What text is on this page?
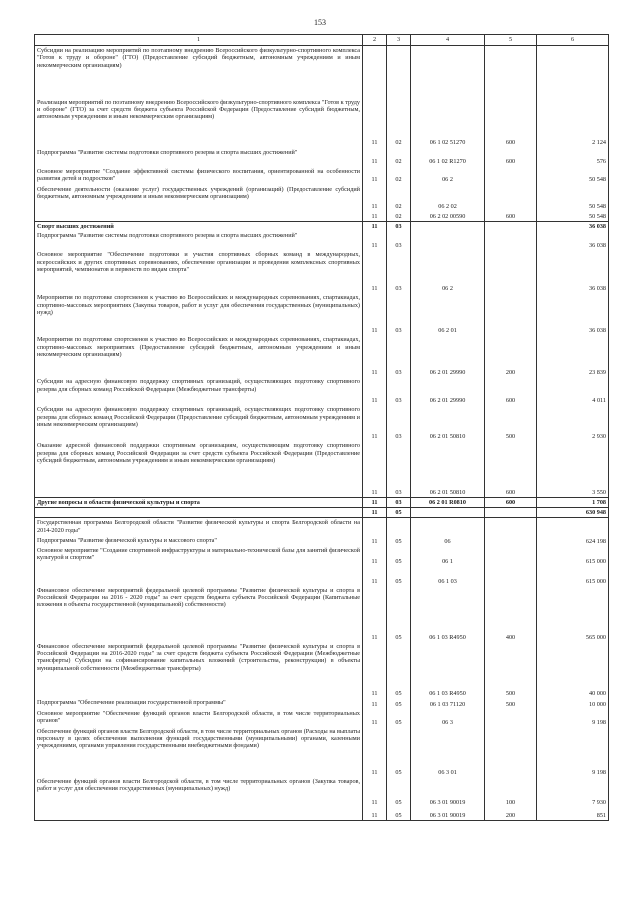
153
1	2	3	4	5	6
Субсидии на реализацию мероприятий по поэтапному внедрению Всероссийского физкультурно-спортивного комплекса "Готов к труду и обороне" (ГТО) (Предоставление субсидий бюджетным, автономным учреждениям и иным некоммерческим организациям)					
Реализация мероприятий по поэтапному внедрению Всероссийского физкультурно-спортивного комплекса "Готов к труду и обороне" (ГТО) за счет средств бюджета субъекта Российской Федерации (Предоставление субсидий бюджетным, автономным учреждениям и иным некоммерческим организациям)	11	02	06 1 02 51270	600	2 124
Подпрограмма "Развитие системы подготовки спортивного резерва и спорта высших достижений"	11	02	06 1 02 R1270	600	576
Основное мероприятие "Создание эффективной системы физического воспитания, ориентированной на особенности развития детей и подростков"	11	02	06 2		50 548
Обеспечение деятельности (оказание услуг) государственных учреждений (организаций) (Предоставление субсидий бюджетным, автономным учреждениям и иным некоммерческим организациям)	11	02	06 2 02		50 548
	11	02	06 2 02 00590	600	50 548
Спорт высших достижений	11	03			36 038
Подпрограмма "Развитие системы подготовки спортивного резерва и спорта высших достижений"	11	03			36 038
Основное мероприятие "Обеспечение подготовки и участия спортивных сборных команд в международных, всероссийских и других спортивных соревнованиях, обеспечение организации и проведения комплексных спортивных мероприятий, чемпионатов и первенств по видам спорта"	11	03	06 2		36 038
Мероприятия по подготовке спортсменов к участию во Всероссийских и международных соревнованиях, спартакиадах, спортивно-массовых мероприятиях (Закупка товаров, работ и услуг для обеспечения государственных (муниципальных) нужд)	11	03	06 2 01		36 038
Мероприятия по подготовке спортсменов к участию во Всероссийских и международных соревнованиях, спартакиадах, спортивно-массовых мероприятиях (Предоставление субсидий бюджетным, автономным учреждениям и иным некоммерческим организациям)	11	03	06 2 01 29990	200	23 839
Субсидии на адресную финансовую поддержку спортивных организаций, осуществляющих подготовку спортивного резерва для сборных команд Российской Федерации (Межбюджетные трансферты)	11	03	06 2 01 29990	600	4 011
Субсидии на адресную финансовую поддержку спортивных организаций, осуществляющих подготовку спортивного резерва для сборных команд Российской Федерации (Предоставление субсидий бюджетным, автономным учреждениям и иным некоммерческим организациям)	11	03	06 2 01 50810	500	2 930
Оказание адресной финансовой поддержки спортивным организациям, осуществляющим подготовку спортивного резерва для сборных команд Российской Федерации за счет средств субъекта Российской Федерации (Предоставление субсидий бюджетным, автономным учреждениям и иным некоммерческим организациям)	11	03	06 2 01 50810	600	3 550
Другие вопросы в области физической культуры и спорта	11	03	06 2 01 R0810	600	1 708
	11	05			630 948
Государственная программа Белгородской области "Развитие физической культуры и спорта Белгородской области на 2014-2020 годы"					
Подпрограмма "Развитие физической культуры и массового спорта"	11	05	06		624 198
Основное мероприятие "Создание спортивной инфраструктуры и материально-технической базы для занятий физической культурой и спортом"	11	05	06 1		615 000
	11	05	06 1 03		615 000
Финансовое обеспечение мероприятий федеральной целевой программы "Развитие физической культуры и спорта в Российской Федерации на 2016 - 2020 годы" за счет средств бюджета субъекта Российской Федерации (Капитальные вложения в объекты государственной (муниципальной) собственности)	11	05	06 1 03 R4950	400	565 000
Финансовое обеспечение мероприятий федеральной целевой программы "Развитие физической культуры и спорта в Российской Федерации на 2016-2020 годы" за счет средств бюджета субъекта Российской Федерации (Межбюджетные трансферты) Субсидии на софинансирование капитальных вложений (строительства, реконструкции) в объекты муниципальной собственности (Межбюджетные трансферты)	11	05	06 1 03 R4950	500	40 000
Подпрограмма "Обеспечение реализации государственной программы"	11	05	06 1 03 71120	500	10 000
Основное мероприятие "Обеспечение функций органов власти Белгородской области, в том числе территориальных органов"	11	05	06 3		9 198
Обеспечение функций органов власти Белгородской области, в том числе территориальных органов (Расходы на выплаты персоналу в целях обеспечения выполнения функций государственными (муниципальными) органами, казенными учреждениями, органами управления государственными внебюджетными фондами)	11	05	06 3 01		9 198
Обеспечение функций органов власти Белгородской области, в том числе территориальных органов (Закупка товаров, работ и услуг для обеспечения государственных (муниципальных) нужд)	11	05	06 3 01 90019	100	7 930
	11	05	06 3 01 90019	200	851
